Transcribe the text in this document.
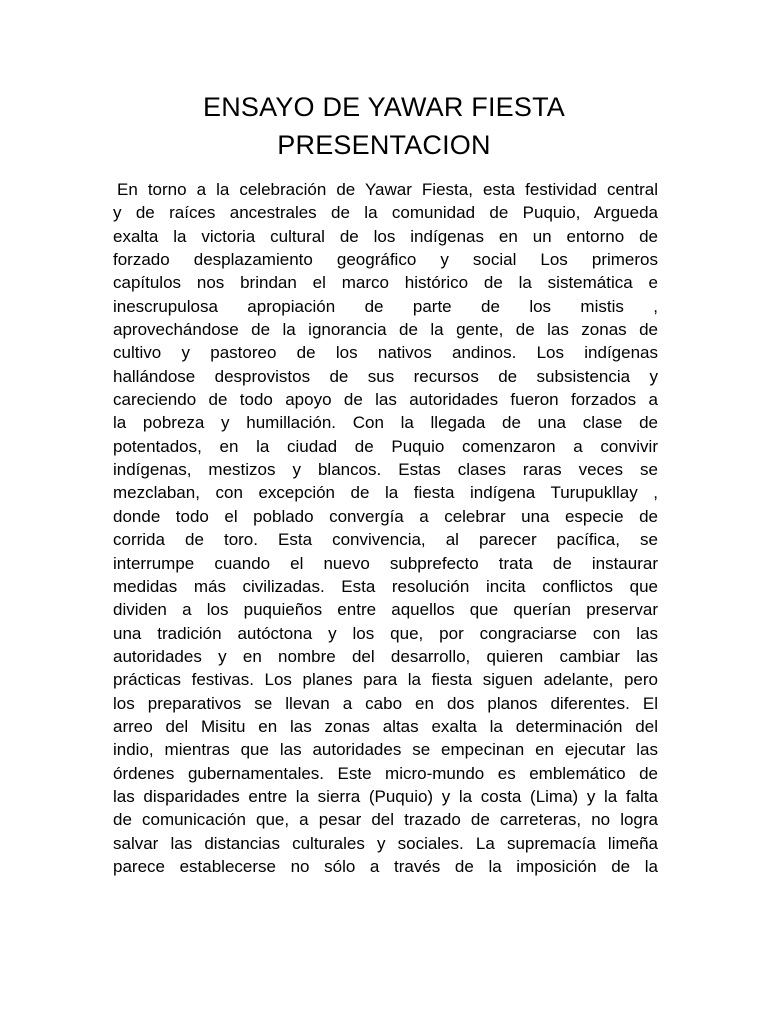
ENSAYO DE YAWAR FIESTA
PRESENTACION
En torno a la celebración de Yawar Fiesta, esta festividad central
y de raíces ancestrales de la comunidad de Puquio, Argueda
exalta la victoria cultural de los indígenas en un entorno de
forzado desplazamiento geográfico y social Los primeros
capítulos nos brindan el marco histórico de la sistemática e
inescrupulosa apropiación de parte de los mistis ,
aprovechándose de la ignorancia de la gente, de las zonas de
cultivo y pastoreo de los nativos andinos. Los indígenas
hallándose desprovistos de sus recursos de subsistencia y
careciendo de todo apoyo de las autoridades fueron forzados a
la pobreza y humillación. Con la llegada de una clase de
potentados, en la ciudad de Puquio comenzaron a convivir
indígenas, mestizos y blancos. Estas clases raras veces se
mezclaban, con excepción de la fiesta indígena Turupukllay ,
donde todo el poblado convergía a celebrar una especie de
corrida de toro. Esta convivencia, al parecer pacífica, se
interrumpe cuando el nuevo subprefecto trata de instaurar
medidas más civilizadas. Esta resolución incita conflictos que
dividen a los puquieños entre aquellos que querían preservar
una tradición autóctona y los que, por congraciarse con las
autoridades y en nombre del desarrollo, quieren cambiar las
prácticas festivas. Los planes para la fiesta siguen adelante, pero
los preparativos se llevan a cabo en dos planos diferentes. El
arreo del Misitu en las zonas altas exalta la determinación del
indio, mientras que las autoridades se empecinan en ejecutar las
órdenes gubernamentales. Este micro-mundo es emblemático de
las disparidades entre la sierra (Puquio) y la costa (Lima) y la falta
de comunicación que, a pesar del trazado de carreteras, no logra
salvar las distancias culturales y sociales. La supremacía limeña
parece establecerse no sólo a través de la imposición de la
